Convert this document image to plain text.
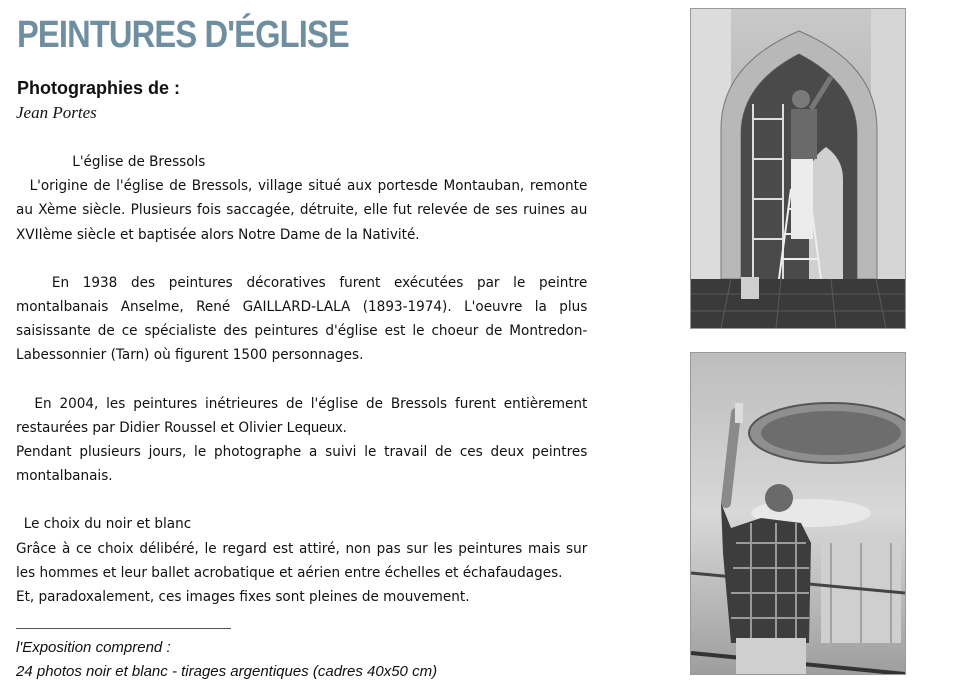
PEINTURES D'ÉGLISE
Photographies de :
Jean Portes

L'église de Bressols

L'origine de l'église de Bressols, village situé aux portesde Montauban, remonte au Xème siècle. Plusieurs fois saccagée, détruite, elle fut relevée de ses ruines au XVIIème siècle et baptisée alors Notre Dame de la Nativité.

En 1938 des peintures décoratives furent exécutées par le peintre montalbanais Anselme, René GAILLARD-LALA (1893-1974). L'oeuvre la plus saisissante de ce spécialiste des peintures d'église est le choeur de Montredon-Labessonnier (Tarn) où figurent 1500 personnages.

En 2004, les peintures inétrieures de l'église de Bressols furent entièrement restaurées par Didier Roussel et Olivier Lequeux.

Pendant plusieurs jours, le photographe a suivi le travail de ces deux peintres montalbanais.

Le choix du noir et blanc

Grâce à ce choix délibéré, le regard est attiré, non pas sur les peintures mais sur les hommes et leur ballet acrobatique et aérien entre échelles et échafaudages.

Et, paradoxalement, ces images fixes sont pleines de mouvement.

l'Exposition comprend :
24 photos noir et blanc - tirages argentiques (cadres 40x50 cm)
